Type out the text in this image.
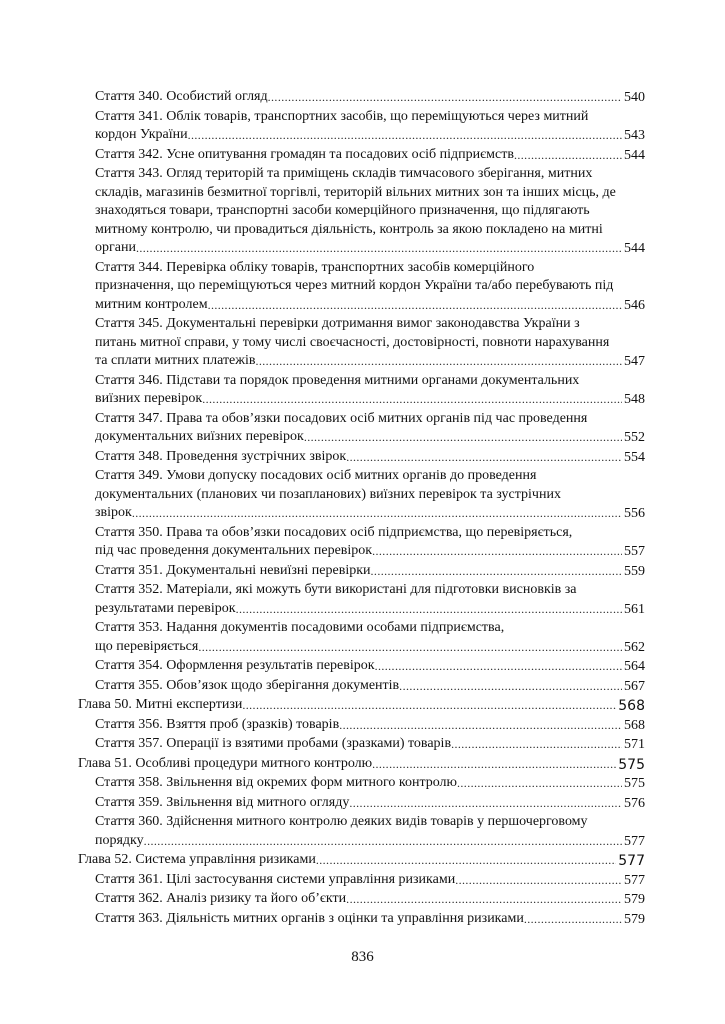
Стаття 340. Особистий огляд .....	540
Стаття 341. Облік товарів, транспортних засобів, що переміщуються через митний
кордон України .....	543
Стаття 342. Усне опитування громадян та посадових осіб підприємств .....	544
Стаття 343. Огляд територій та приміщень складів тимчасового зберігання, митних
складів, магазинів безмитної торгівлі, територій вільних митних зон та інших місць, де
знаходяться товари, транспортні засоби комерційного призначення, що підлягають
митному контролю, чи провадиться діяльність, контроль за якою покладено на митні
органи .....	544
Стаття 344. Перевірка обліку товарів, транспортних засобів комерційного
призначення, що переміщуються через митний кордон України та/або перебувають під
митним контролем .....	546
Стаття 345. Документальні перевірки дотримання вимог законодавства України з
питань митної справи, у тому числі своєчасності, достовірності, повноти нарахування
та сплати митних платежів .....	547
Стаття 346. Підстави та порядок проведення митними органами документальних
виїзних перевірок .....	548
Стаття 347. Права та обов’язки посадових осіб митних органів під час проведення
документальних виїзних перевірок .....	552
Стаття 348. Проведення зустрічних звірок .....	554
Стаття 349. Умови допуску посадових осіб митних органів до проведення
документальних (планових чи позапланових) виїзних перевірок та зустрічних
звірок .....	556
Стаття 350. Права та обов’язки посадових осіб підприємства, що перевіряється,
під час проведення документальних перевірок .....	557
Стаття 351. Документальні невиїзні перевірки .....	559
Стаття 352. Матеріали, які можуть бути використані для підготовки висновків за
результатами перевірок .....	561
Стаття 353. Надання документів посадовими особами підприємства,
що перевіряється .....	562
Стаття 354. Оформлення результатів перевірок .....	564
Стаття 355. Обов’язок щодо зберігання документів .....	567
Глава 50. Митні експертизи .....	568
Стаття 356. Взяття проб (зразків) товарів .....	568
Стаття 357. Операції із взятими пробами (зразками) товарів .....	571
Глава 51. Особливі процедури митного контролю .....	575
Стаття 358. Звільнення від окремих форм митного контролю .....	575
Стаття 359. Звільнення від митного огляду .....	576
Стаття 360. Здійснення митного контролю деяких видів товарів у першочерговому
порядку .....	577
Глава 52. Система управління ризиками .....	577
Стаття 361. Цілі застосування системи управління ризиками .....	577
Стаття 362. Аналіз ризику та його об’єкти .....	579
Стаття 363. Діяльність митних органів з оцінки та управління ризиками .....	579
836
